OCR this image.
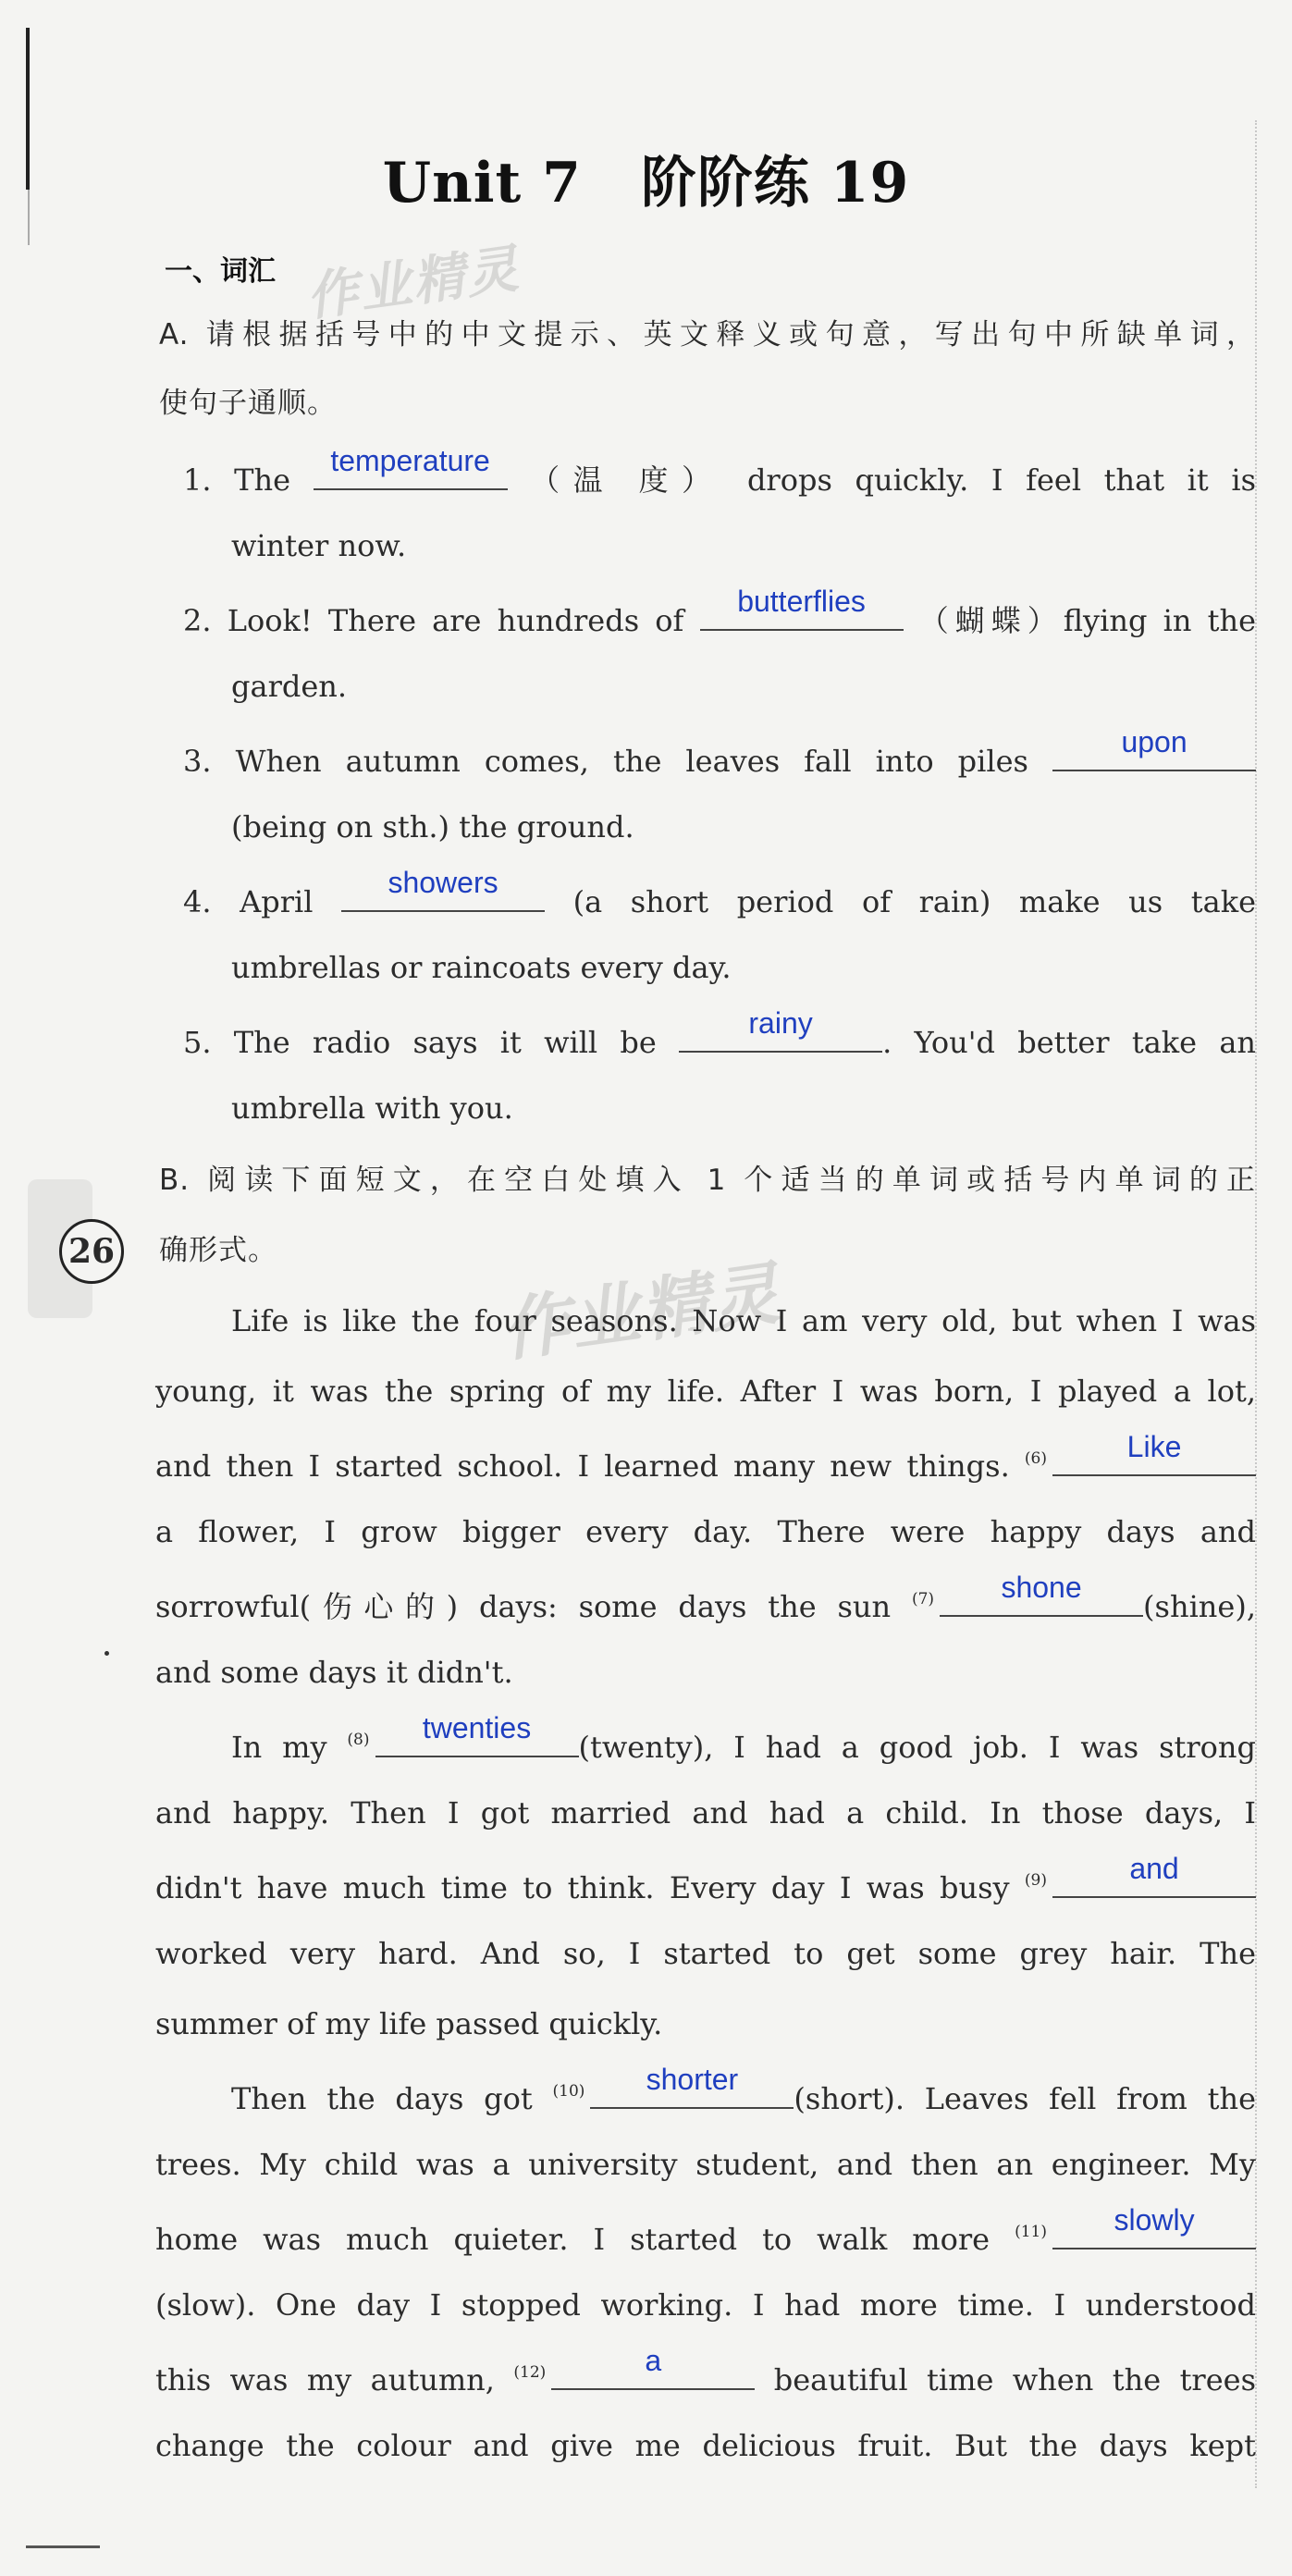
Unit 7 阶阶练 19
一、词汇 作业精灵
作业精灵
A. 请根据括号中的中文提示、英文释义或句意，写出句中所缺单词，
使句子通顺。
1. The
temperature
（温 度） drops quickly. I feel that it is
winter now.
2. Look! There are hundreds of
butterflies
（蝴蝶）flying in the
garden.
3. When autumn comes, the leaves fall into piles
upon
(being on sth.) the ground.
4. April
showers
(a short period of rain) make us take
umbrellas or raincoats every day.
5. The radio says it will be
rainy
. You'd better take an
umbrella with you.
B. 阅读下面短文，在空白处填入 1 个适当的单词或括号内单词的正
确形式。
26
Life is like the four seasons. Now I am very old, but when I was
young, it was the spring of my life. After I was born, I played a lot,
and then I started school. I learned many new things. $^{(6)}$	Like
a flower, I grow bigger every day. There were happy days and
sorrowful(伤心的) days: some days the sun $^{(7)}$	shone
(shine),
and some days it didn't.
In my $^{(8)}$	twenties
(twenty), I had a good job. I was strong
and happy. Then I got married and had a child. In those days, I
didn't have much time to think. Every day I was busy $^{(9)}$	and
worked very hard. And so, I started to get some grey hair. The
summer of my life passed quickly.
Then the days got $^{(10)}$	shorter
(short). Leaves fell from the
trees. My child was a university student, and then an engineer. My
home was much quieter. I started to walk more $^{(11)}$	slowly
(slow). One day I stopped working. I had more time. I understood
this was my autumn, $^{(12)}$	a
beautiful time when the trees
change the colour and give me delicious fruit. But the days kept
